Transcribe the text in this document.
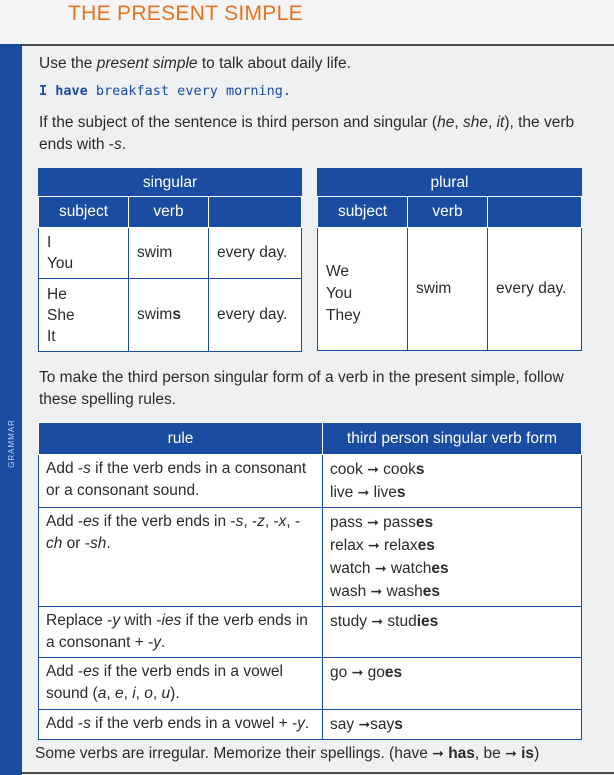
THE PRESENT SIMPLE
GRAMMAR
Use the present simple to talk about daily life.
I have breakfast every morning.
If the subject of the sentence is third person and singular (he, she, it), the verb ends with -s.
singular		
subject	verb	

I
You	swim	every day.

He
She
It	swims	every day.
plural		
subject	verb	

We
You
They	swim	every day.
To make the third person singular form of a verb in the present simple, follow these spelling rules.
rule	third person singular verb form
Add -s if the verb ends in a consonant or a consonant sound.	cook ➞ cooks
live ➞ lives

Add -es if the verb ends in -s, -z, -x, -ch or -sh.	pass ➞ passes
relax ➞ relaxes
watch ➞ watches
wash ➞ washes

Replace -y with -ies if the verb ends in a consonant + -y.	study ➞ studies

Add -es if the verb ends in a vowel sound (a, e, i, o, u).	go ➞ goes

Add -s if the verb ends in a vowel + -y.	say ➞says
Some verbs are irregular. Memorize their spellings. (have ➞ has, be ➞ is)
